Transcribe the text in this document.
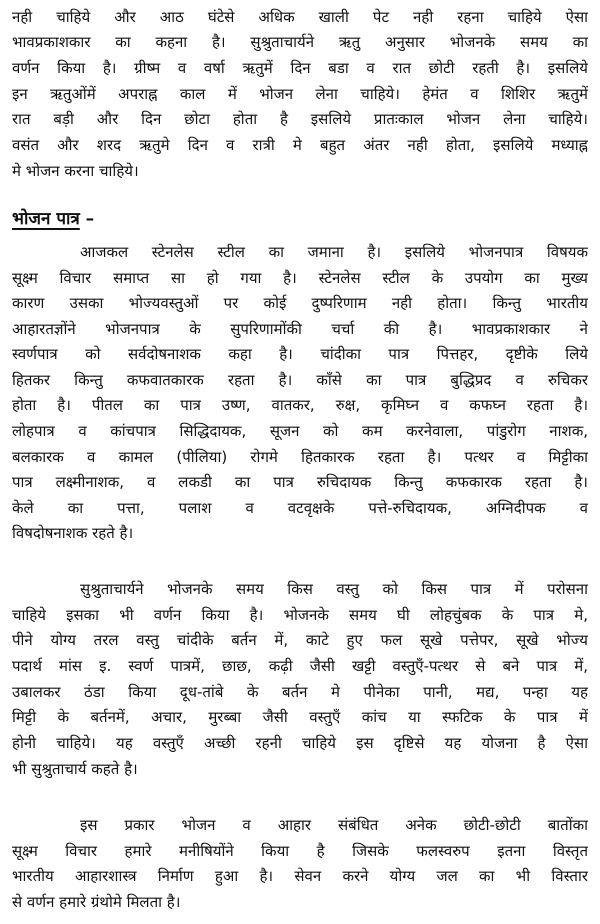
नही चाहिये और आठ घंटेसे अधिक खाली पेट नही रहना चाहिये ऐसा
भावप्रकाशकार का कहना है। सुश्रुताचार्यने ऋतु अनुसार भोजनके समय का
वर्णन किया है। ग्रीष्म व वर्षा ऋतुमें दिन बडा व रात छोटी रहती है। इसलिये
इन ऋतुओंमें अपराह्न काल में भोजन लेना चाहिये। हेमंत व शिशिर ऋतुमें
रात बड़ी और दिन छोटा होता है इसलिये प्रातःकाल भोजन लेना चाहिये।
वसंत और शरद ऋतुमे दिन व रात्री मे बहुत अंतर नही होता, इसलिये मध्याह्न
मे भोजन करना चाहिये।
भोजन पात्र –
आजकल स्टेनलेस स्टील का जमाना है। इसलिये भोजनपात्र विषयक
सूक्ष्म विचार समाप्त सा हो गया है। स्टेनलेस स्टील के उपयोग का मुख्य
कारण उसका भोज्यवस्तुओं पर कोई दुष्परिणाम नही होता। किन्तु भारतीय
आहारतज्ञोंने भोजनपात्र के सुपरिणामोंकी चर्चा की है। भावप्रकाशकार ने
स्वर्णपात्र को सर्वदोषनाशक कहा है। चांदीका पात्र पित्तहर, दृष्टीके लिये
हितकर किन्तु कफवातकारक रहता है। काँसे का पात्र बुद्धिप्रद व रुचिकर
होता है। पीतल का पात्र उष्ण, वातकर, रुक्ष, कृमिघ्न व कफघ्न रहता है।
लोहपात्र व कांचपात्र सिद्धिदायक, सूजन को कम करनेवाला, पांडुरोग नाशक,
बलकारक व कामल (पीलिया) रोगमे हितकारक रहता है। पत्थर व मिट्टीका
पात्र लक्ष्मीनाशक, व लकडी का पात्र रुचिदायक किन्तु कफकारक रहता है।
केले का पत्ता, पलाश व वटवृक्षके पत्ते-रुचिदायक, अग्निदीपक व
विषदोषनाशक रहते है।
सुश्रुताचार्यने भोजनके समय किस वस्तु को किस पात्र में परोसना
चाहिये इसका भी वर्णन किया है। भोजनके समय घी लोहचुंबक के पात्र मे,
पीने योग्य तरल वस्तु चांदीके बर्तन में, काटे हुए फल सूखे पत्तेपर, सूखे भोज्य
पदार्थ मांस इ. स्वर्ण पात्रमें, छाछ, कढ़ी जैसी खट्टी वस्तुएँ-पत्थर से बने पात्र में,
उबालकर ठंडा किया दूध-तांबे के बर्तन मे पीनेका पानी, मद्य, पन्हा यह
मिट्टी के बर्तनमें, अचार, मुरब्बा जैसी वस्तुएँ कांच या स्फटिक के पात्र में
होनी चाहिये। यह वस्तुएँ अच्छी रहनी चाहिये इस दृष्टिसे यह योजना है ऐसा
भी सुश्रुताचार्य कहते है।
इस प्रकार भोजन व आहार संबंधित अनेक छोटी-छोटी बातोंका
सूक्ष्म विचार हमारे मनीषियोंने किया है जिसके फलस्वरुप इतना विस्तृत
भारतीय आहारशास्त्र निर्माण हुआ है। सेवन करने योग्य जल का भी विस्तार
से वर्णन हमारे ग्रंथोमे मिलता है।
